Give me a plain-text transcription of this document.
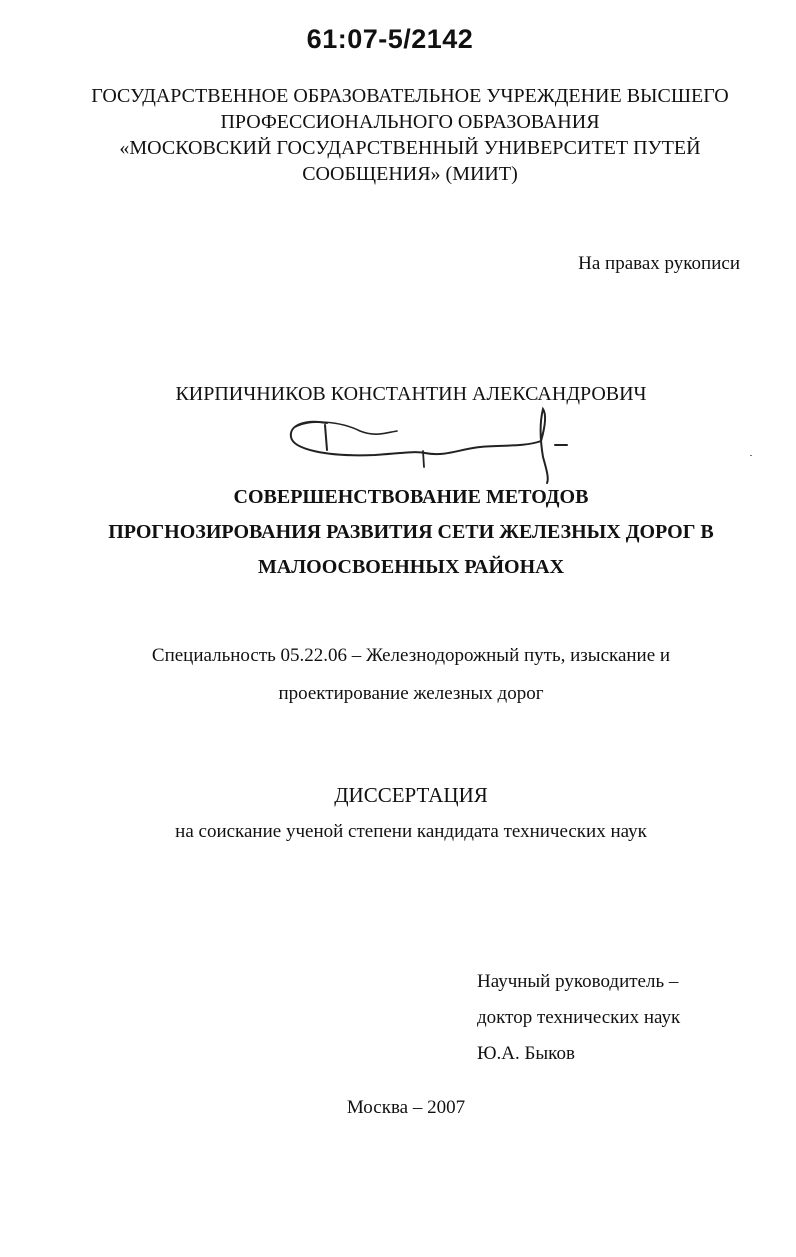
61:07-5/2142
ГОСУДАРСТВЕННОЕ ОБРАЗОВАТЕЛЬНОЕ УЧРЕЖДЕНИЕ ВЫСШЕГО
ПРОФЕССИОНАЛЬНОГО ОБРАЗОВАНИЯ
«МОСКОВСКИЙ ГОСУДАРСТВЕННЫЙ УНИВЕРСИТЕТ ПУТЕЙ
СООБЩЕНИЯ» (МИИТ)
На правах рукописи
КИРПИЧНИКОВ КОНСТАНТИН АЛЕКСАНДРОВИЧ
СОВЕРШЕНСТВОВАНИЕ МЕТОДОВ
ПРОГНОЗИРОВАНИЯ РАЗВИТИЯ СЕТИ ЖЕЛЕЗНЫХ ДОРОГ В
МАЛООСВОЕННЫХ РАЙОНАХ
Специальность 05.22.06 – Железнодорожный путь, изыскание и
проектирование железных дорог
ДИССЕРТАЦИЯ
на соискание ученой степени кандидата технических наук
Научный руководитель –
доктор технических наук
Ю.А. Быков
Москва – 2007
